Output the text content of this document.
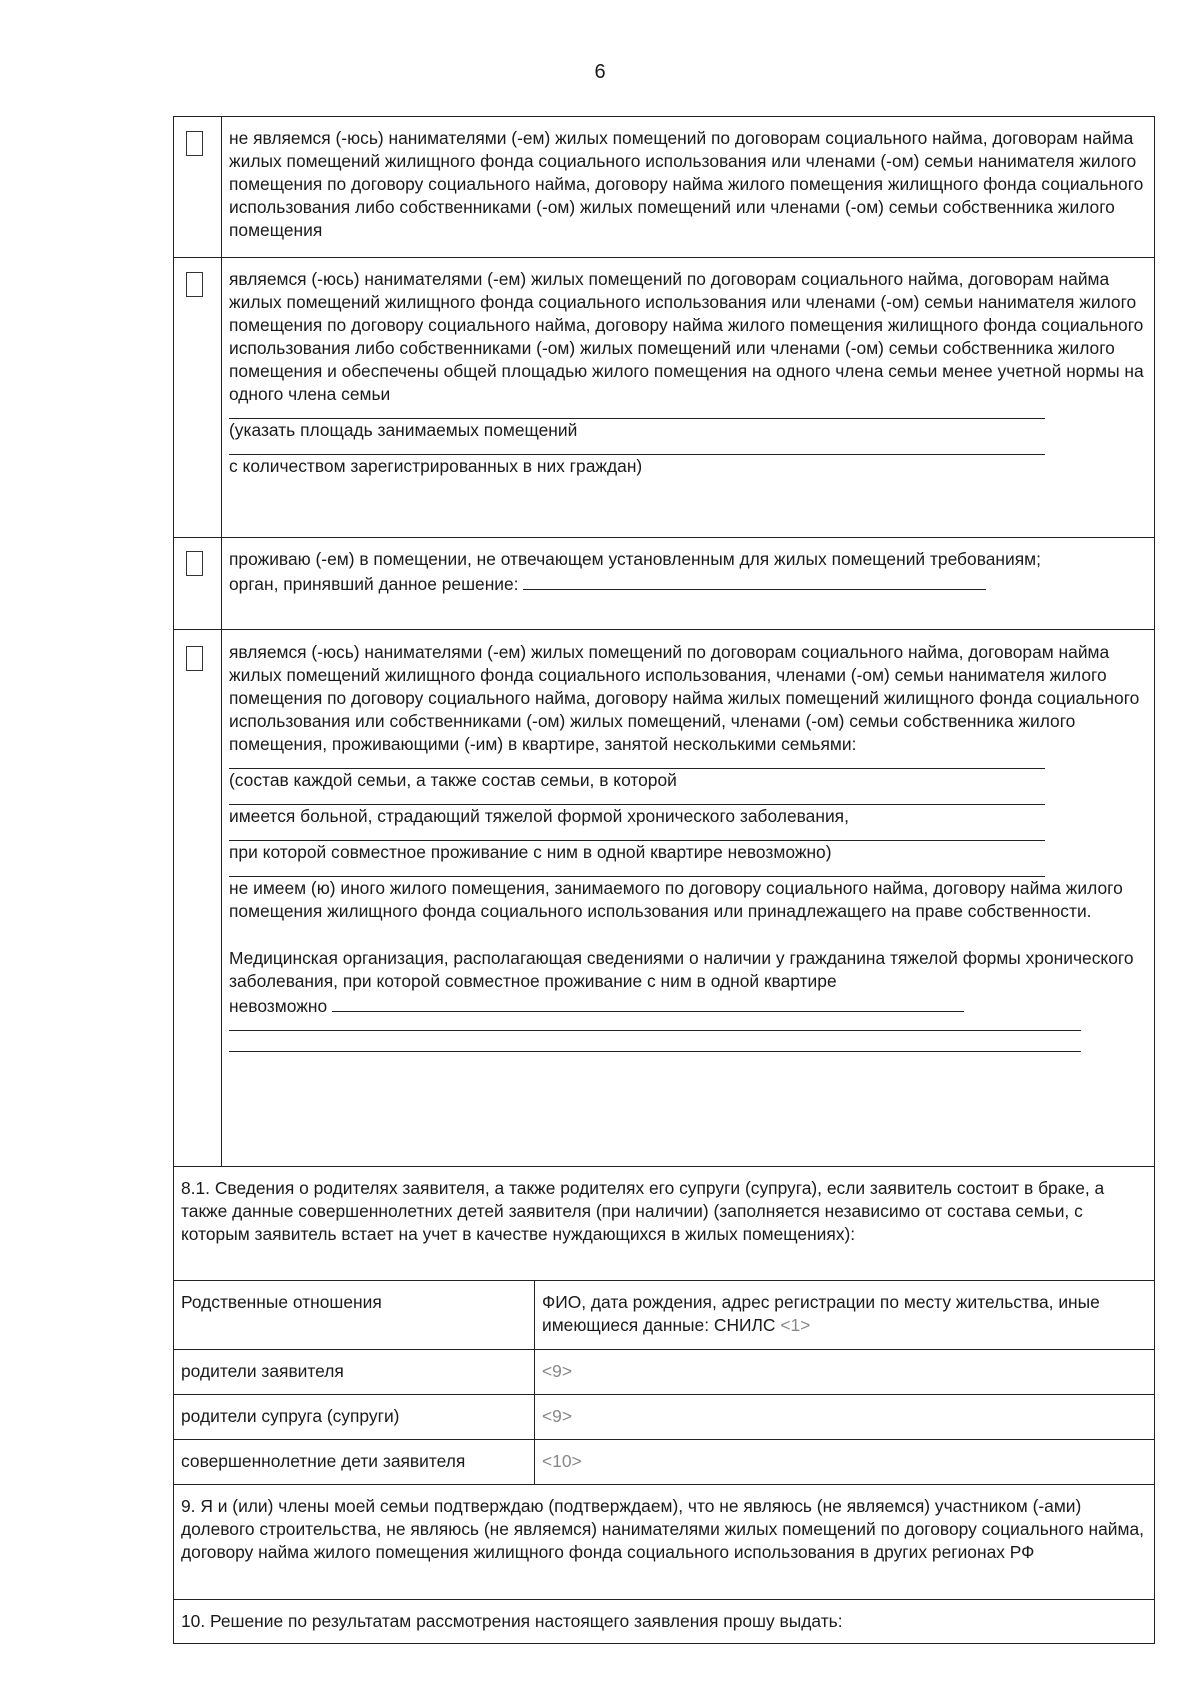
6

не являемся (-юсь) нанимателями (-ем) жилых помещений по договорам социального найма, договорам найма жилых помещений жилищного фонда социального использования или членами (-ом) семьи нанимателя жилого помещения по договору социального найма, договору найма жилого помещения жилищного фонда социального использования либо собственниками (-ом) жилых помещений или членами (-ом) семьи собственника жилого помещения

являемся (-юсь) нанимателями (-ем) жилых помещений по договорам социального найма, договорам найма жилых помещений жилищного фонда социального использования или членами (-ом) семьи нанимателя жилого помещения по договору социального найма, договору найма жилого помещения жилищного фонда социального использования либо собственниками (-ом) жилых помещений или членами (-ом) семьи собственника жилого помещения и обеспечены общей площадью жилого помещения на одного члена семьи менее учетной нормы на одного члена семьи

(указать площадь занимаемых помещений

с количеством зарегистрированных в них граждан)

проживаю (-ем) в помещении, не отвечающем установленным для жилых помещений требованиям;

орган, принявший данное решение:

являемся (-юсь) нанимателями (-ем) жилых помещений по договорам социального найма, договорам найма жилых помещений жилищного фонда социального использования, членами (-ом) семьи нанимателя жилого помещения по договору социального найма, договору найма жилых помещений жилищного фонда социального использования или собственниками (-ом) жилых помещений, членами (-ом) семьи собственника жилого помещения, проживающими (-им) в квартире, занятой несколькими семьями:

(состав каждой семьи, а также состав семьи, в которой

имеется больной, страдающий тяжелой формой хронического заболевания,

при которой совместное проживание с ним в одной квартире невозможно)

не имеем (ю) иного жилого помещения, занимаемого по договору социального найма, договору найма жилого помещения жилищного фонда социального использования или принадлежащего на праве собственности.

Медицинская организация, располагающая сведениями о наличии у гражданина тяжелой формы хронического заболевания, при которой совместное проживание с ним в одной квартире

невозможно

8.1. Сведения о родителях заявителя, а также родителях его супруги (супруга), если заявитель состоит в браке, а также данные совершеннолетних детей заявителя (при наличии) (заполняется независимо от состава семьи, с которым заявитель встает на учет в качестве нуждающихся в жилых помещениях):

Родственные отношения	ФИО, дата рождения, адрес регистрации по месту жительства, иные имеющиеся данные: СНИЛС <1>
родители заявителя	<9>
родители супруга (супруги)	<9>
совершеннолетние дети заявителя	<10>

9. Я и (или) члены моей семьи подтверждаю (подтверждаем), что не являюсь (не являемся) участником (-ами) долевого строительства, не являюсь (не являемся) нанимателями жилых помещений по договору социального найма, договору найма жилого помещения жилищного фонда социального использования в других регионах РФ

10. Решение по результатам рассмотрения настоящего заявления прошу выдать:
